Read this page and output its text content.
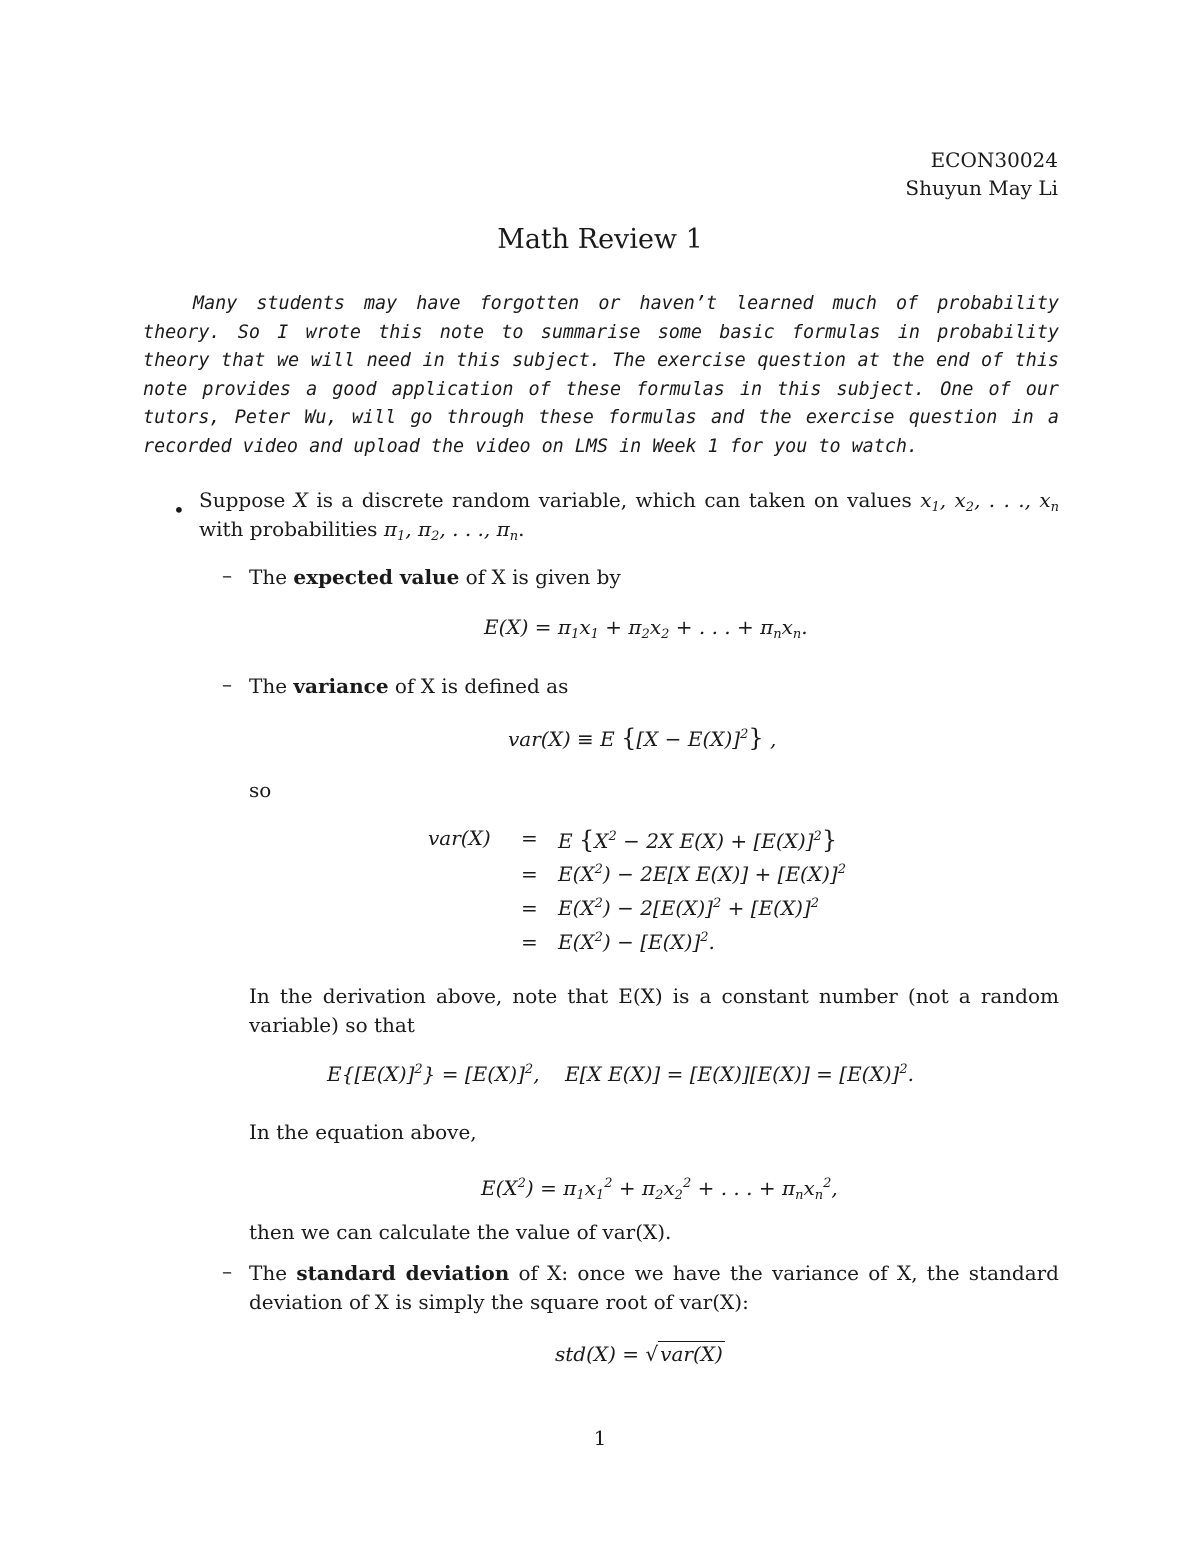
ECON30024
Shuyun May Li
Math Review 1
Many students may have forgotten or haven’t learned much of probability theory. So I wrote this note to summarise some basic formulas in probability theory that we will need in this subject. The exercise question at the end of this note provides a good application of these formulas in this subject. One of our tutors, Peter Wu, will go through these formulas and the exercise question in a recorded video and upload the video on LMS in Week 1 for you to watch.
• Suppose X is a discrete random variable, which can taken on values $x_1$, $x_2$, . . ., $x_n$ with probabilities $\pi_1$, $\pi_2$, . . ., $\pi_n$.
– The expected value of X is given by
$E(X) = \pi_1x_1 + \pi_2x_2$ + . . . + $\pi_nx_n$.
– The variance of X is defined as
var(X) ≡ E $\{[X - E(X)]^2\}$ ,
so
var(X)	= E {$X^2 - 2X$ $E(X) + [E(X)]^2$}
= $E(X^2) - 2E[X$ $E(X)] + [E(X)]^2$
= $E(X^2) - 2[E(X)]^2 + [E(X)]^2$
= $E(X^2) - [E(X)]^2$.
In the derivation above, note that E(X) is a constant number (not a random variable) so that
$E\{[E(X)]^2\} = [E(X)]^2$,    E[X $E(X)] = [E(X)][E(X)] = [E(X)]^2$.
In the equation above,
$E(X^2) = \pi_1x_1^2 + \pi_2x_2^2$ + . . . + $\pi_nx_n^2$,
then we can calculate the value of var(X).
– The standard deviation of X: once we have the variance of X, the standard deviation of X is simply the square root of var(X):
std(X) = √ var(X)
1
